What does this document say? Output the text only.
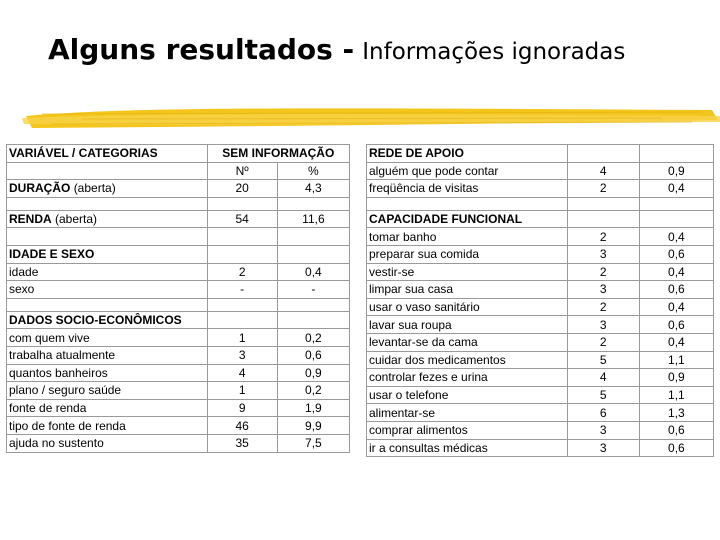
Alguns resultados - Informações ignoradas
VARIÁVEL / CATEGORIAS	SEM INFORMAÇÃO	
	Nº	%
DURAÇÃO (aberta)	20	4,3

RENDA (aberta)	54	11,6

IDADE E SEXO		
idade	2	0,4
sexo	-	-

DADOS SOCIO-ECONÔMICOS		
com quem vive	1	0,2
trabalha atualmente	3	0,6
quantos banheiros	4	0,9
plano / seguro saúde	1	0,2
fonte de renda	9	1,9
tipo de fonte de renda	46	9,9
ajuda no sustento	35	7,5
REDE DE APOIO		
alguém que pode contar	4	0,9
freqüência de visitas	2	0,4

CAPACIDADE FUNCIONAL		
tomar banho	2	0,4
preparar sua comida	3	0,6
vestir-se	2	0,4
limpar sua casa	3	0,6
usar o vaso sanitário	2	0,4
lavar sua roupa	3	0,6
levantar-se da cama	2	0,4
cuidar dos medicamentos	5	1,1
controlar fezes e urina	4	0,9
usar o telefone	5	1,1
alimentar-se	6	1,3
comprar alimentos	3	0,6
ir a consultas médicas	3	0,6
